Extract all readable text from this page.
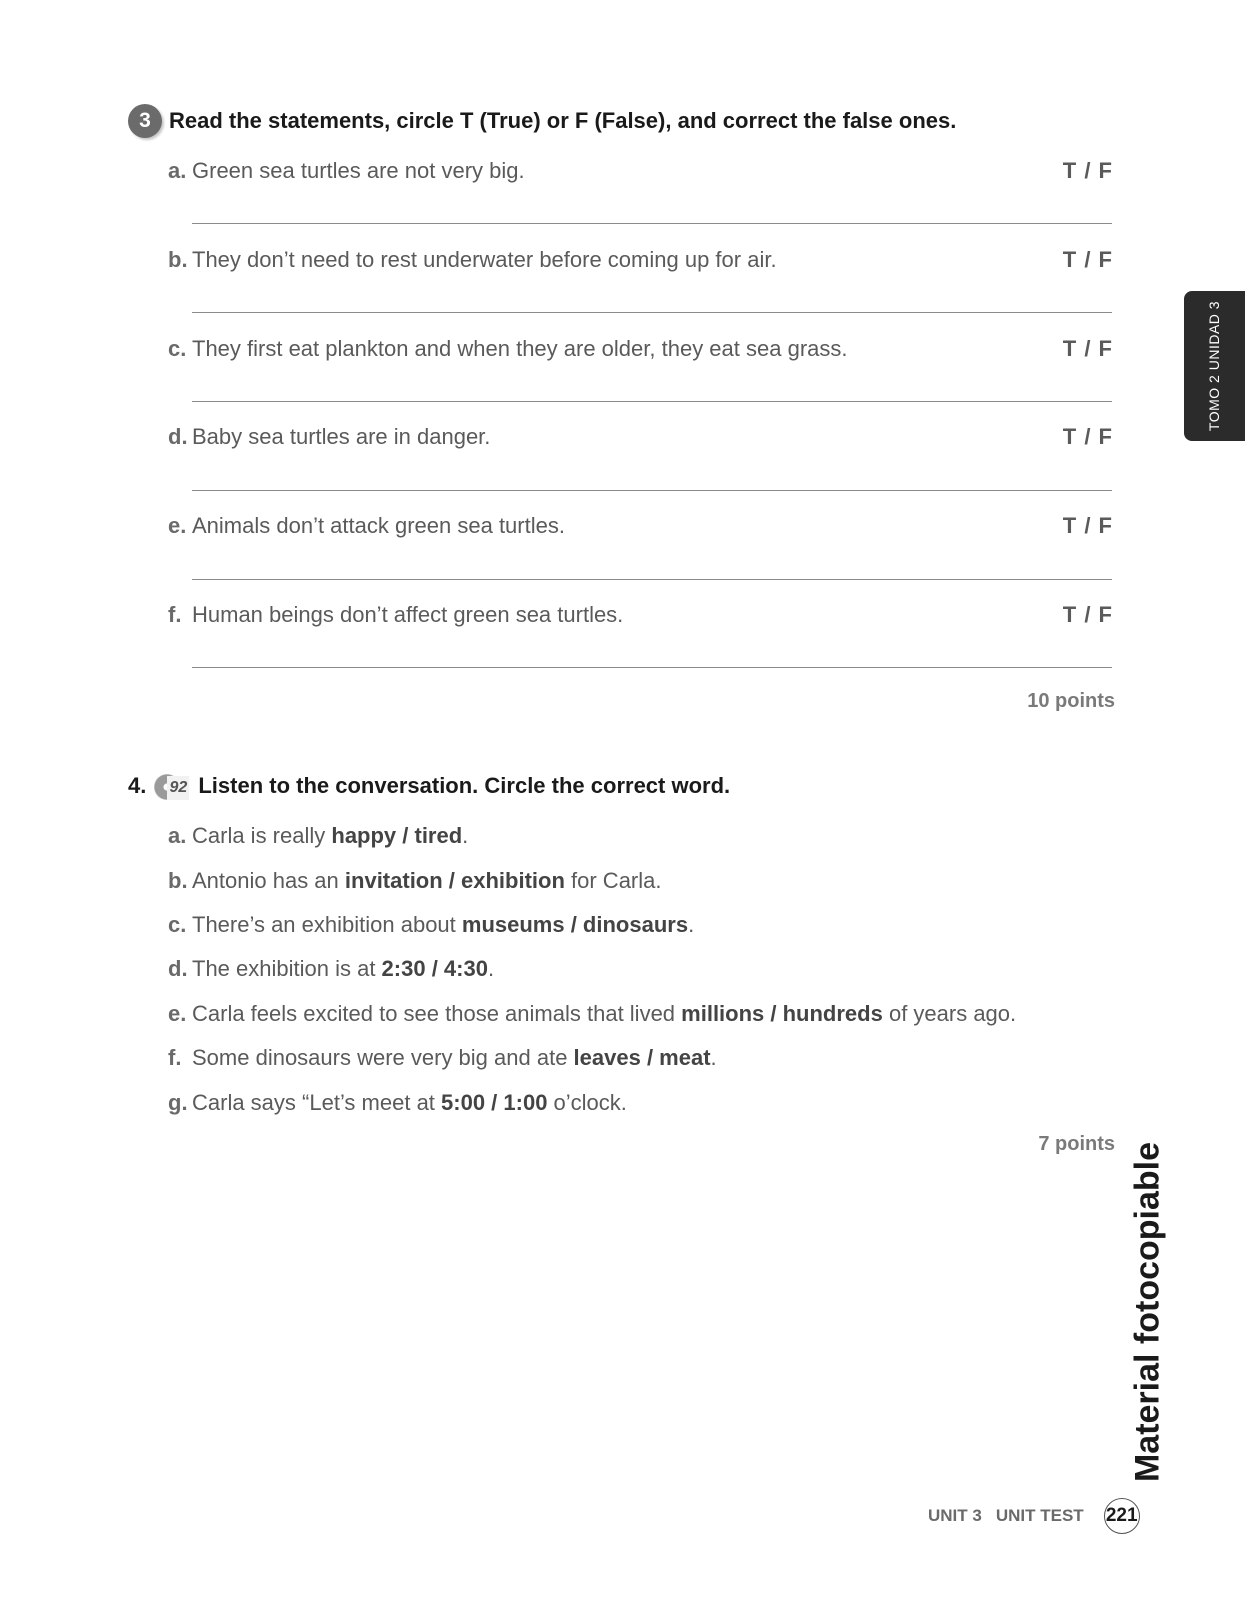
3 Read the statements, circle T (True) or F (False), and correct the false ones.
a. Green sea turtles are not very big.	T / F
b. They don’t need to rest underwater before coming up for air.	T / F
c. They first eat plankton and when they are older, they eat sea grass.	T / F
d. Baby sea turtles are in danger.	T / F
e. Animals don’t attack green sea turtles.	T / F
f. Human beings don’t affect green sea turtles.	T / F
10 points
4. 92 Listen to the conversation. Circle the correct word.
a. Carla is really happy / tired.
b. Antonio has an invitation / exhibition for Carla.
c. There’s an exhibition about museums / dinosaurs.
d. The exhibition is at 2:30 / 4:30.
e. Carla feels excited to see those animals that lived millions / hundreds of years ago.
f. Some dinosaurs were very big and ate leaves / meat.
g. Carla says “Let’s meet at 5:00 / 1:00 o’clock.
7 points
TOMO 2 UNIDAD 3
Material fotocopiable
UNIT 3 UNIT TEST 221
